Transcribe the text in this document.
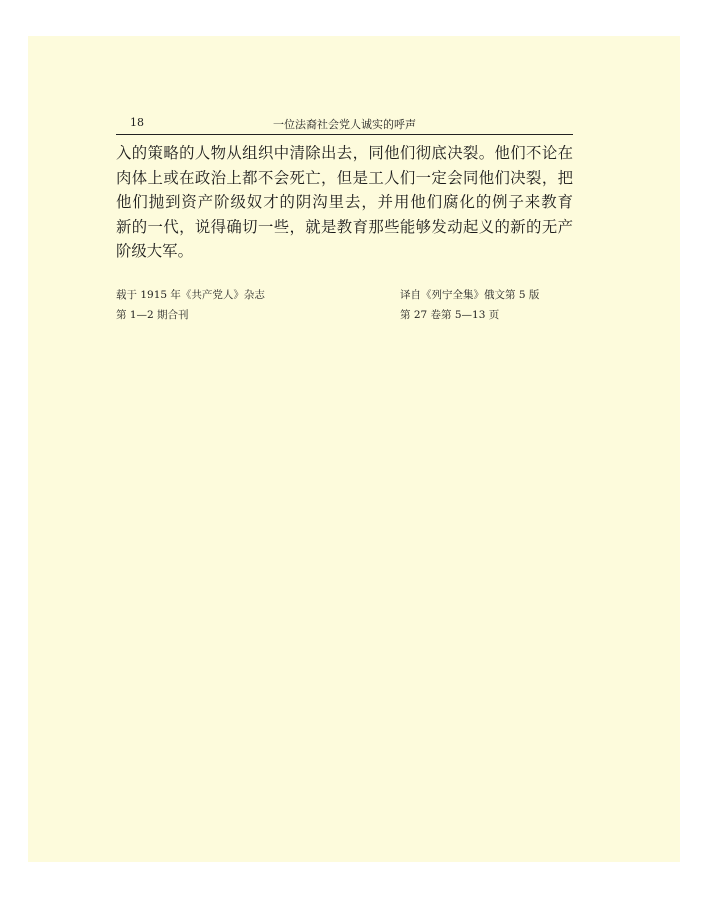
18	一位法裔社会党人诚实的呼声

入的策略的人物从组织中清除出去，同他们彻底决裂。他们不论在
肉体上或在政治上都不会死亡，但是工人们一定会同他们决裂，把
他们抛到资产阶级奴才的阴沟里去，并用他们腐化的例子来教育
新的一代，说得确切一些，就是教育那些能够发动起义的新的无产
阶级大军。

载于 1915 年《共产党人》杂志
第 1—2 期合刊
译自《列宁全集》俄文第 5 版
第 27 卷第 5—13 页
